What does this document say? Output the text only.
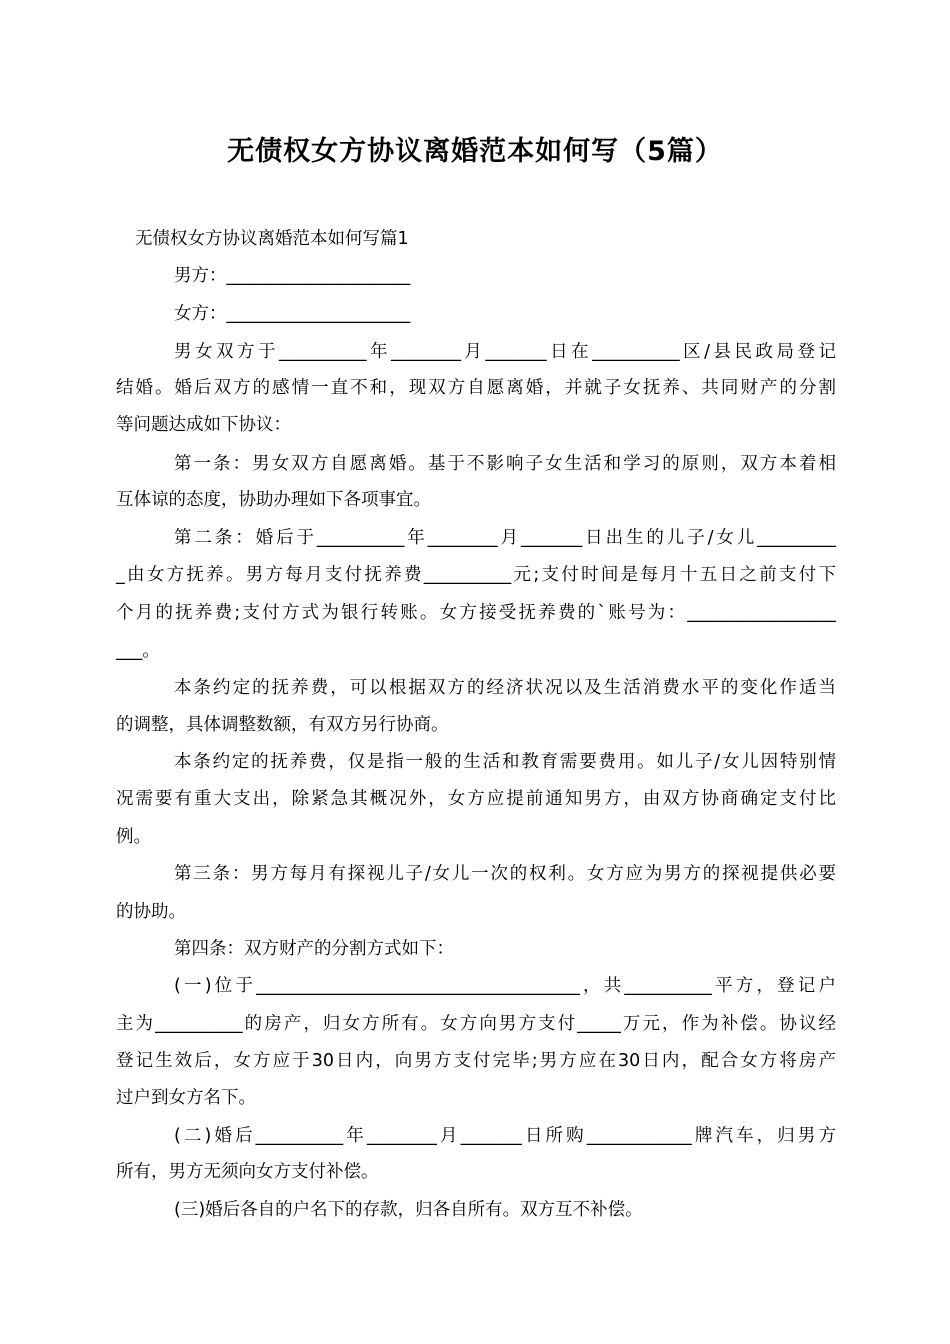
无债权女方协议离婚范本如何写（5篇）

无债权女方协议离婚范本如何写篇1

男方：_____________________

女方：_____________________

男女双方于__________年________月_______日在__________区/县民政局登记

结婚。婚后双方的感情一直不和，现双方自愿离婚，并就子女抚养、共同财产的分割

等问题达成如下协议：

第一条：男女双方自愿离婚。基于不影响子女生活和学习的原则，双方本着相

互体谅的态度，协助办理如下各项事宜。

第二条：婚后于__________年________月_______日出生的儿子/女儿_________

_由女方抚养。男方每月支付抚养费__________元;支付时间是每月十五日之前支付下

个月的抚养费;支付方式为银行转账。女方接受抚养费的`账号为：_________________

___。

本条约定的抚养费，可以根据双方的经济状况以及生活消费水平的变化作适当

的调整，具体调整数额，有双方另行协商。

本条约定的抚养费，仅是指一般的生活和教育需要费用。如儿子/女儿因特别情

况需要有重大支出，除紧急其概况外，女方应提前通知男方，由双方协商确定支付比

例。

第三条：男方每月有探视儿子/女儿一次的权利。女方应为男方的探视提供必要

的协助。

第四条：双方财产的分割方式如下：

(一)位于_____________________________________，共__________平方，登记户

主为__________的房产，归女方所有。女方向男方支付_____万元，作为补偿。协议经

登记生效后，女方应于30日内，向男方支付完毕;男方应在30日内，配合女方将房产

过户到女方名下。

(二)婚后__________年________月_______日所购____________牌汽车，归男方

所有，男方无须向女方支付补偿。

(三)婚后各自的户名下的存款，归各自所有。双方互不补偿。
